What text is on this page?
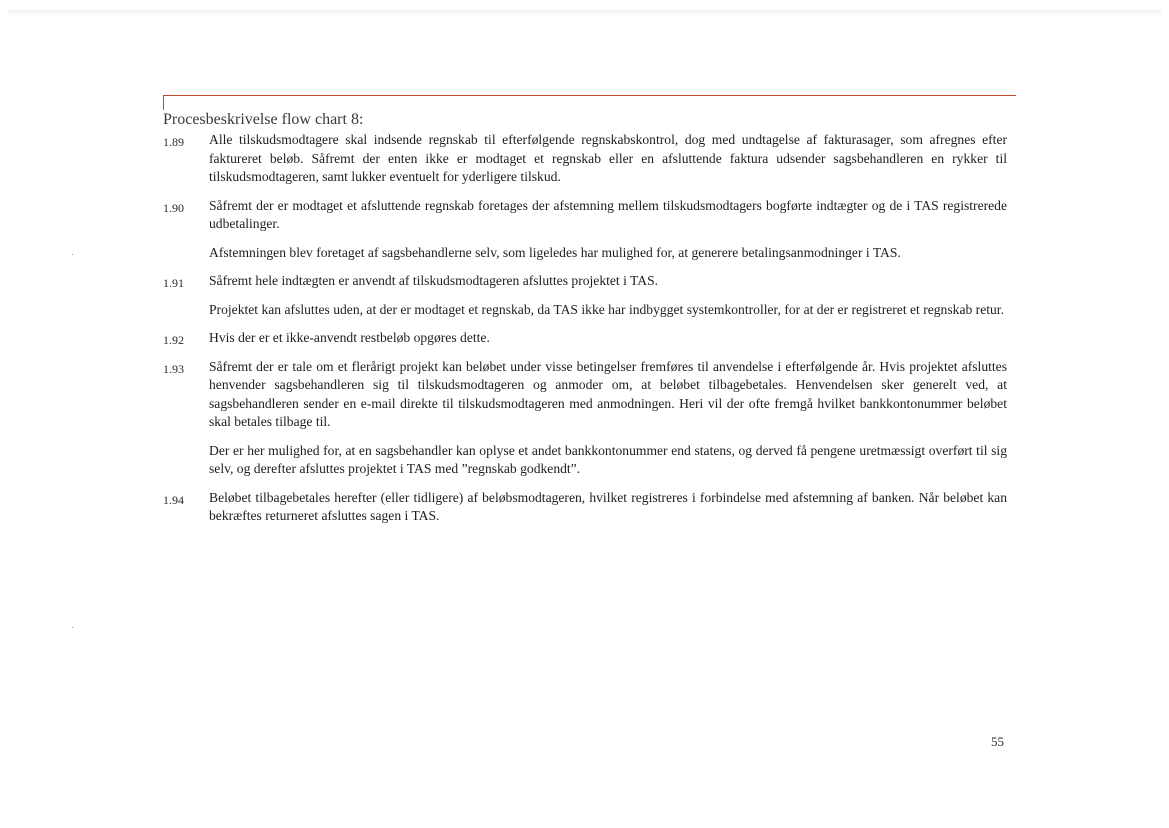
Procesbeskrivelse flow chart 8:
1.89 Alle tilskudsmodtagere skal indsende regnskab til efterfølgende regnskabskontrol, dog med undtagelse af fakturasager, som afregnes efter faktureret beløb. Såfremt der enten ikke er modtaget et regnskab eller en afsluttende faktura udsender sagsbehandleren en rykker til tilskudsmodtageren, samt lukker eventuelt for yderligere tilskud.
1.90 Såfremt der er modtaget et afsluttende regnskab foretages der afstemning mellem tilskudsmodtagers bogførte indtægter og de i TAS registrerede udbetalinger.
Afstemningen blev foretaget af sagsbehandlerne selv, som ligeledes har mulighed for, at generere betalingsanmodninger i TAS.
1.91 Såfremt hele indtægten er anvendt af tilskudsmodtageren afsluttes projektet i TAS.
Projektet kan afsluttes uden, at der er modtaget et regnskab, da TAS ikke har indbygget systemkontroller, for at der er registreret et regnskab retur.
1.92 Hvis der er et ikke-anvendt restbeløb opgøres dette.
1.93 Såfremt der er tale om et flerårigt projekt kan beløbet under visse betingelser fremføres til anvendelse i efterfølgende år. Hvis projektet afsluttes henvender sagsbehandleren sig til tilskudsmodtageren og anmoder om, at beløbet tilbagebetales. Henvendelsen sker generelt ved, at sagsbehandleren sender en e-mail direkte til tilskudsmodtageren med anmodningen. Heri vil der ofte fremgå hvilket bankkontonummer beløbet skal betales tilbage til.
Der er her mulighed for, at en sagsbehandler kan oplyse et andet bankkontonummer end statens, og derved få pengene uretmæssigt overført til sig selv, og derefter afsluttes projektet i TAS med ”regnskab godkendt”.
1.94 Beløbet tilbagebetales herefter (eller tidligere) af beløbsmodtageren, hvilket registreres i forbindelse med afstemning af banken. Når beløbet kan bekræftes returneret afsluttes sagen i TAS.
55
